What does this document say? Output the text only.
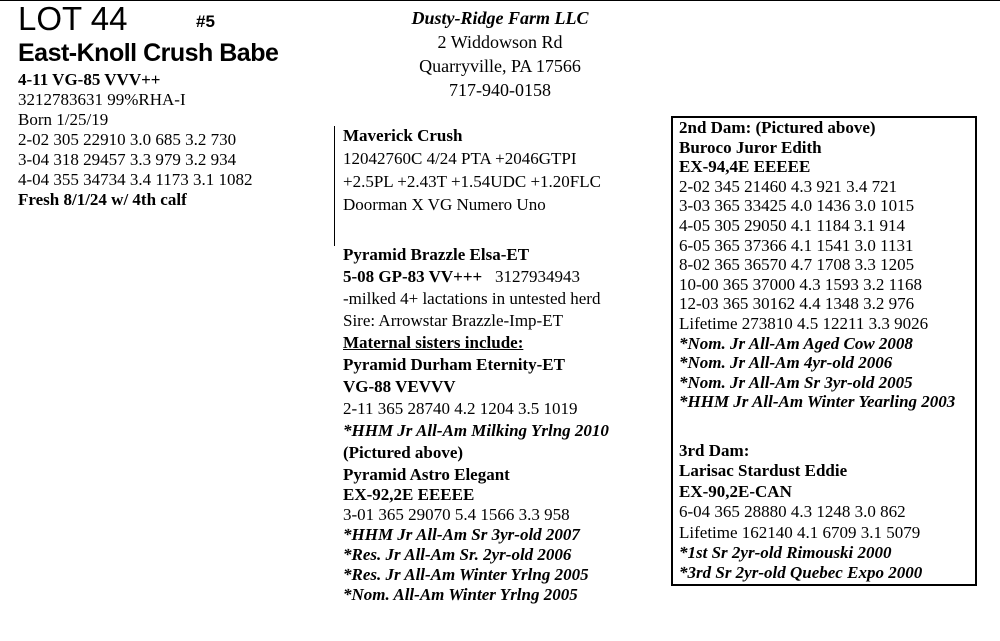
LOT 44	#5
East-Knoll Crush Babe
4-11 VG-85 VVV++
3212783631 99%RHA-I
Born 1/25/19
2-02 305 22910 3.0 685 3.2 730
3-04 318 29457 3.3 979 3.2 934
4-04 355 34734 3.4 1173 3.1 1082
Fresh 8/1/24 w/ 4th calf
Dusty-Ridge Farm LLC
2 Widdowson Rd
Quarryville, PA 17566
717-940-0158
Maverick Crush
12042760C 4/24 PTA +2046GTPI
+2.5PL +2.43T +1.54UDC +1.20FLC
Doorman X VG Numero Uno
Pyramid Brazzle Elsa-ET
5-08 GP-83 VV+++ 3127934943
-milked 4+ lactations in untested herd
Sire: Arrowstar Brazzle-Imp-ET
Maternal sisters include:
Pyramid Durham Eternity-ET
VG-88 VEVVV
2-11 365 28740 4.2 1204 3.5 1019
*HHM Jr All-Am Milking Yrlng 2010
(Pictured above)
Pyramid Astro Elegant
EX-92,2E EEEEE
3-01 365 29070 5.4 1566 3.3 958
*HHM Jr All-Am Sr 3yr-old 2007
*Res. Jr All-Am Sr. 2yr-old 2006
*Res. Jr All-Am Winter Yrlng 2005
*Nom. All-Am Winter Yrlng 2005
2nd Dam: (Pictured above)
Buroco Juror Edith
EX-94,4E EEEEE
2-02 345 21460 4.3 921 3.4 721
3-03 365 33425 4.0 1436 3.0 1015
4-05 305 29050 4.1 1184 3.1 914
6-05 365 37366 4.1 1541 3.0 1131
8-02 365 36570 4.7 1708 3.3 1205
10-00 365 37000 4.3 1593 3.2 1168
12-03 365 30162 4.4 1348 3.2 976
Lifetime 273810 4.5 12211 3.3 9026
*Nom. Jr All-Am Aged Cow 2008
*Nom. Jr All-Am 4yr-old 2006
*Nom. Jr All-Am Sr 3yr-old 2005
*HHM Jr All-Am Winter Yearling 2003
3rd Dam:
Larisac Stardust Eddie
EX-90,2E-CAN
6-04 365 28880 4.3 1248 3.0 862
Lifetime 162140 4.1 6709 3.1 5079
*1st Sr 2yr-old Rimouski 2000
*3rd Sr 2yr-old Quebec Expo 2000
